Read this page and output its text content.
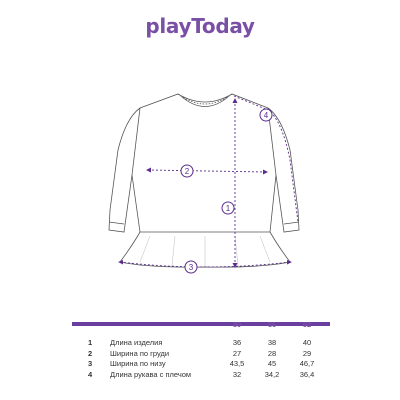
playToday
1
2
3
4
80	86	92
1 Длина изделия	36	38	40
2 Ширина по груди	27	28	29
3 Ширина по низу	43,5	45	46,7
4 Длина рукава с плечом	32	34,2	36,4
